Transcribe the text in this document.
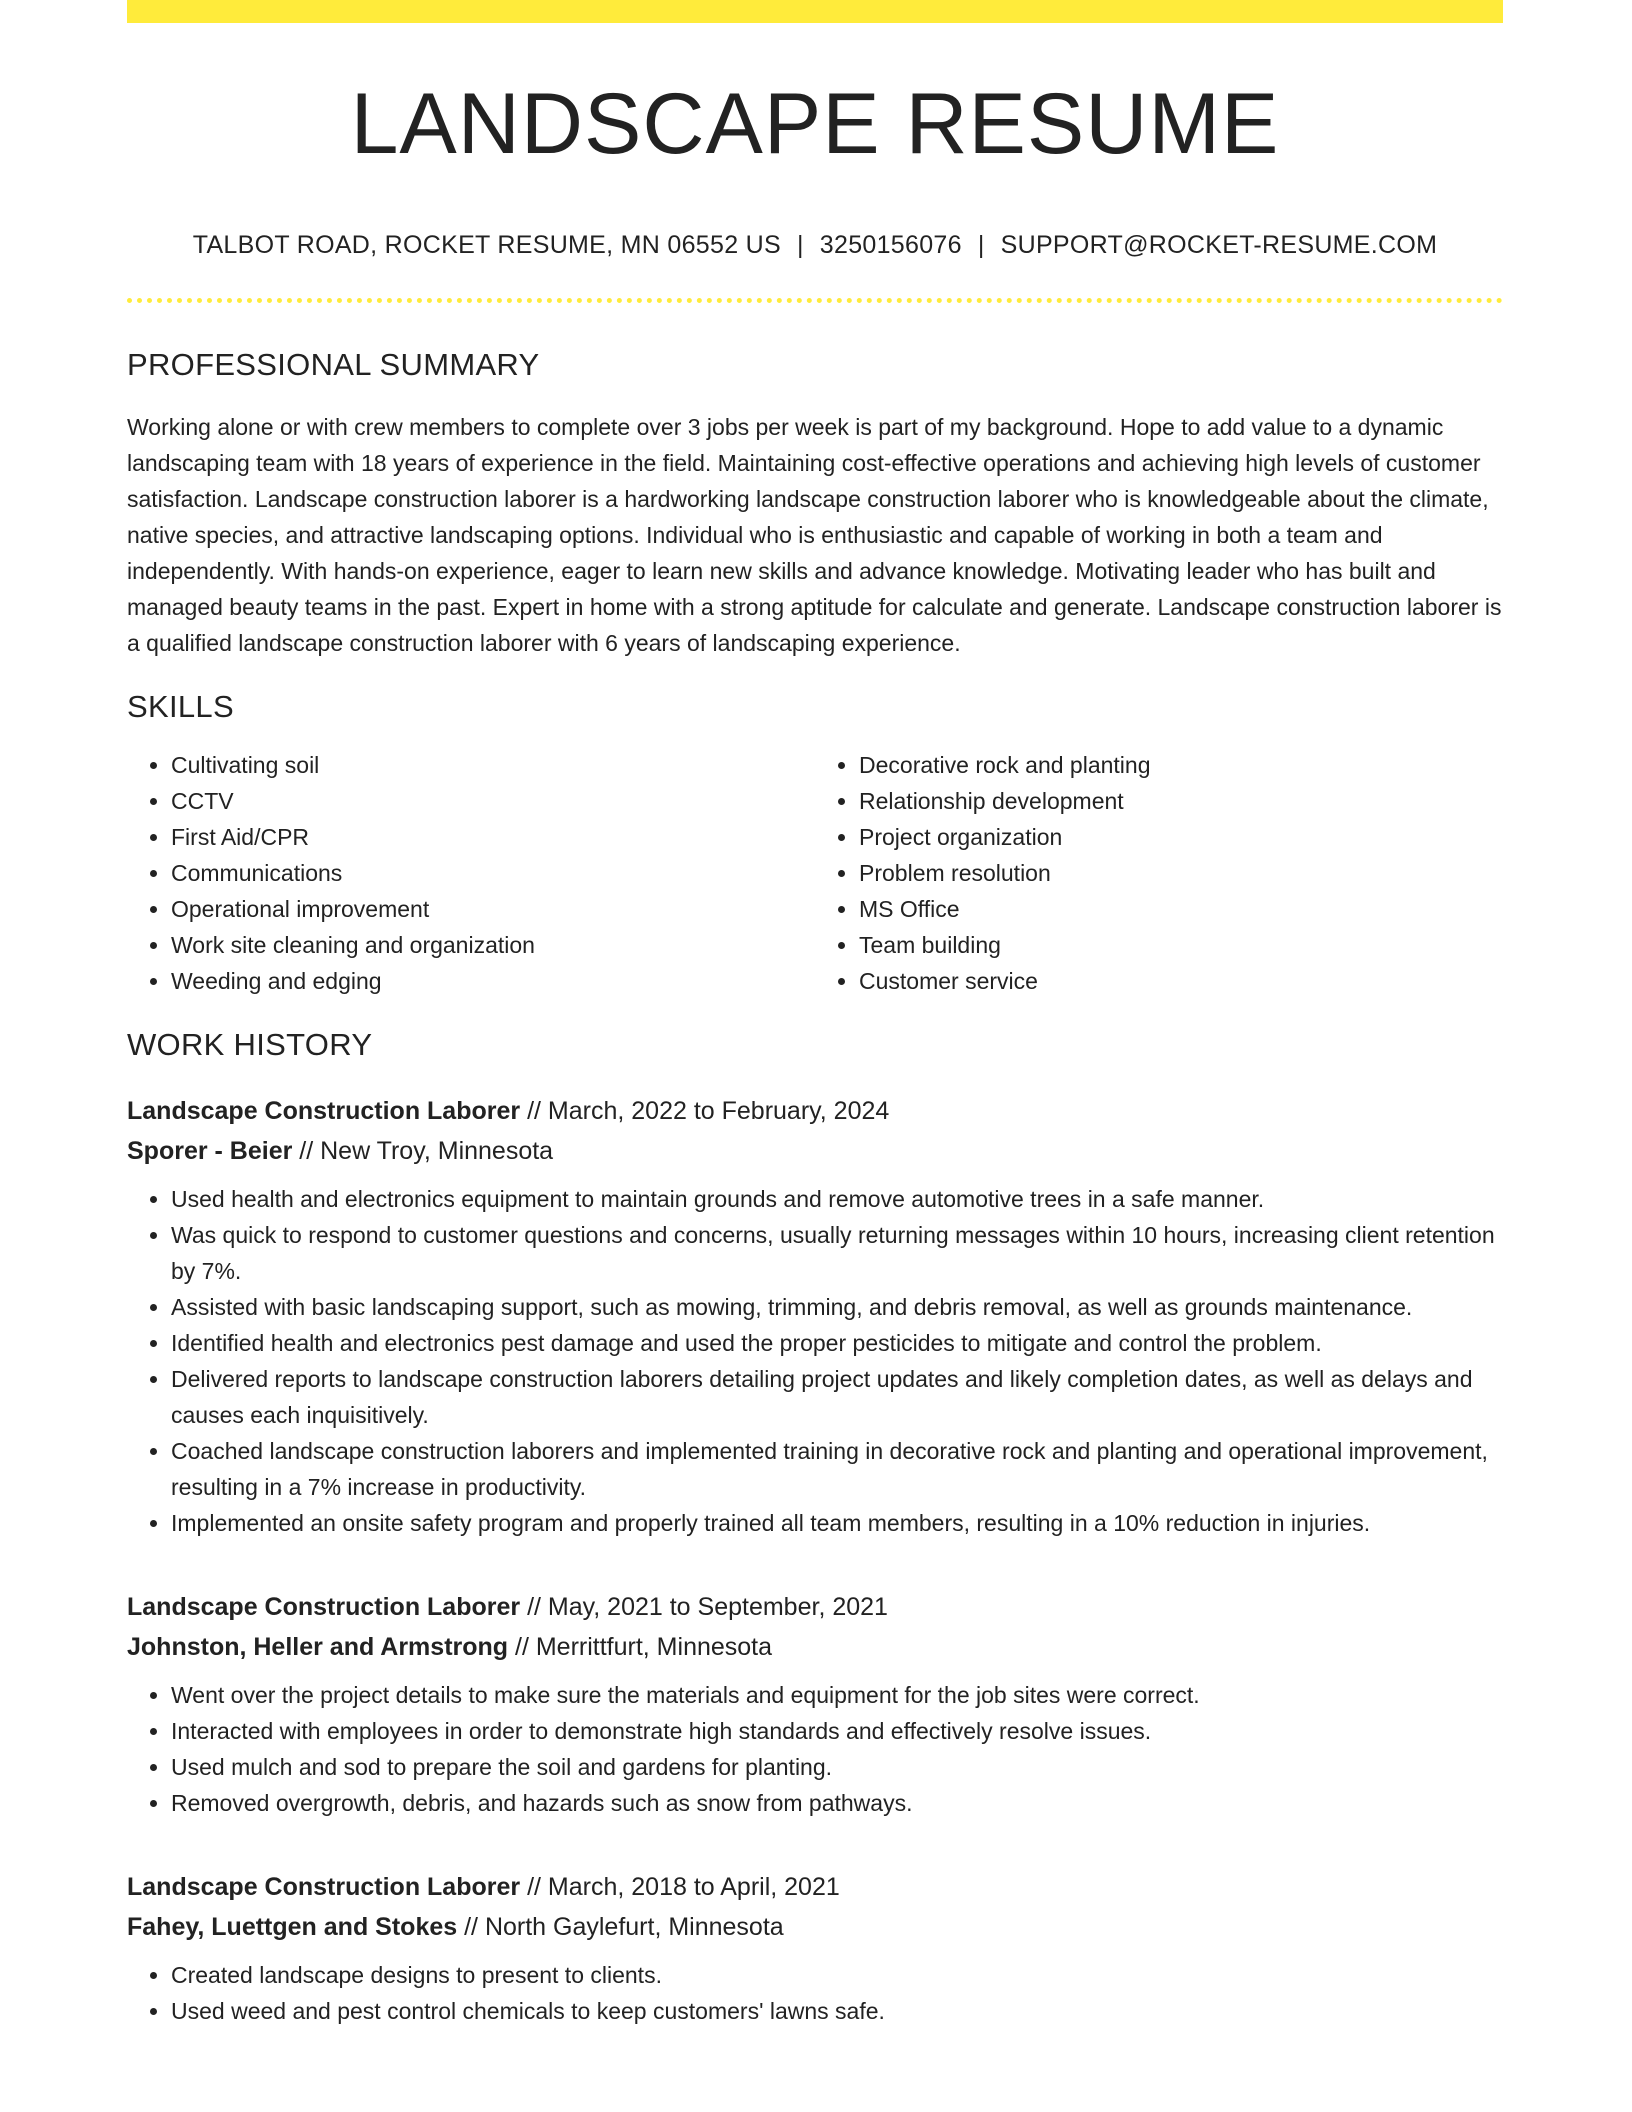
LANDSCAPE RESUME
TALBOT ROAD, ROCKET RESUME, MN 06552 US | 3250156076 | SUPPORT@ROCKET-RESUME.COM
PROFESSIONAL SUMMARY
Working alone or with crew members to complete over 3 jobs per week is part of my background. Hope to add value to a dynamic landscaping team with 18 years of experience in the field. Maintaining cost-effective operations and achieving high levels of customer satisfaction. Landscape construction laborer is a hardworking landscape construction laborer who is knowledgeable about the climate, native species, and attractive landscaping options. Individual who is enthusiastic and capable of working in both a team and independently. With hands-on experience, eager to learn new skills and advance knowledge. Motivating leader who has built and managed beauty teams in the past. Expert in home with a strong aptitude for calculate and generate. Landscape construction laborer is a qualified landscape construction laborer with 6 years of landscaping experience.
SKILLS
• Cultivating soil
• CCTV
• First Aid/CPR
• Communications
• Operational improvement
• Work site cleaning and organization
• Weeding and edging
• Decorative rock and planting
• Relationship development
• Project organization
• Problem resolution
• MS Office
• Team building
• Customer service
WORK HISTORY
Landscape Construction Laborer // March, 2022 to February, 2024
Sporer - Beier // New Troy, Minnesota
• Used health and electronics equipment to maintain grounds and remove automotive trees in a safe manner.
• Was quick to respond to customer questions and concerns, usually returning messages within 10 hours, increasing client retention by 7%.
• Assisted with basic landscaping support, such as mowing, trimming, and debris removal, as well as grounds maintenance.
• Identified health and electronics pest damage and used the proper pesticides to mitigate and control the problem.
• Delivered reports to landscape construction laborers detailing project updates and likely completion dates, as well as delays and causes each inquisitively.
• Coached landscape construction laborers and implemented training in decorative rock and planting and operational improvement, resulting in a 7% increase in productivity.
• Implemented an onsite safety program and properly trained all team members, resulting in a 10% reduction in injuries.
Landscape Construction Laborer // May, 2021 to September, 2021
Johnston, Heller and Armstrong // Merrittfurt, Minnesota
• Went over the project details to make sure the materials and equipment for the job sites were correct.
• Interacted with employees in order to demonstrate high standards and effectively resolve issues.
• Used mulch and sod to prepare the soil and gardens for planting.
• Removed overgrowth, debris, and hazards such as snow from pathways.
Landscape Construction Laborer // March, 2018 to April, 2021
Fahey, Luettgen and Stokes // North Gaylefurt, Minnesota
• Created landscape designs to present to clients.
• Used weed and pest control chemicals to keep customers' lawns safe.
